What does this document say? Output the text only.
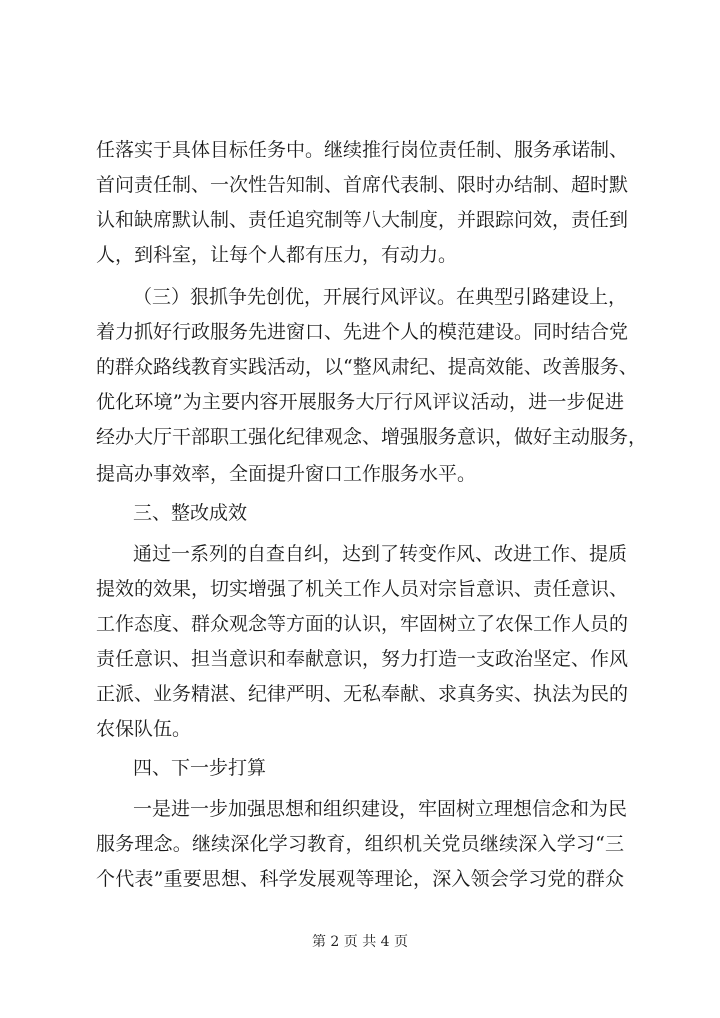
任落实于具体目标任务中。继续推行岗位责任制、服务承诺制、
首问责任制、一次性告知制、首席代表制、限时办结制、超时默
认和缺席默认制、责任追究制等八大制度，并跟踪问效，责任到
人，到科室，让每个人都有压力，有动力。
（三）狠抓争先创优，开展行风评议。在典型引路建设上，
着力抓好行政服务先进窗口、先进个人的模范建设。同时结合党
的群众路线教育实践活动，以“整风肃纪、提高效能、改善服务、
优化环境”为主要内容开展服务大厅行风评议活动，进一步促进
经办大厅干部职工强化纪律观念、增强服务意识，做好主动服务，
提高办事效率，全面提升窗口工作服务水平。
三、整改成效
通过一系列的自查自纠，达到了转变作风、改进工作、提质
提效的效果，切实增强了机关工作人员对宗旨意识、责任意识、
工作态度、群众观念等方面的认识，牢固树立了农保工作人员的
责任意识、担当意识和奉献意识，努力打造一支政治坚定、作风
正派、业务精湛、纪律严明、无私奉献、求真务实、执法为民的
农保队伍。
四、下一步打算
一是进一步加强思想和组织建设，牢固树立理想信念和为民
服务理念。继续深化学习教育，组织机关党员继续深入学习“三
个代表”重要思想、科学发展观等理论，深入领会学习党的群众
第 2 页 共 4 页
